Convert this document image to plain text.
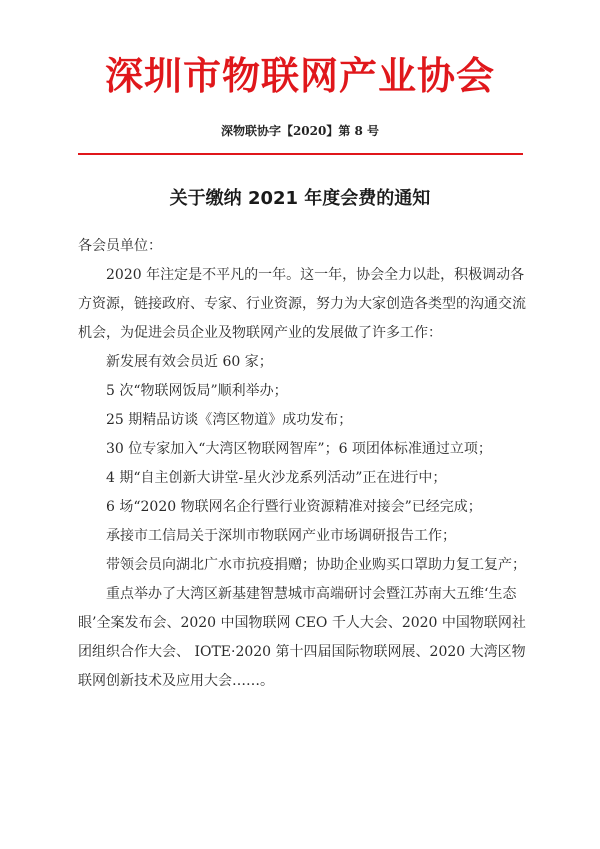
深圳市物联网产业协会
深物联协字【2020】第 8 号
关于缴纳 2021 年度会费的通知

各会员单位：

2020 年注定是不平凡的一年。这一年，协会全力以赴，积极调动各方资源，链接政府、专家、行业资源，努力为大家创造各类型的沟通交流机会，为促进会员企业及物联网产业的发展做了许多工作：

新发展有效会员近 60 家；
5 次“物联网饭局”顺利举办；
25 期精品访谈《湾区物道》成功发布；
30 位专家加入“大湾区物联网智库”；6 项团体标准通过立项；
4 期“自主创新大讲堂-星火沙龙系列活动”正在进行中；
6 场“2020 物联网名企行暨行业资源精准对接会”已经完成；
承接市工信局关于深圳市物联网产业市场调研报告工作；
带领会员向湖北广水市抗疫捐赠；协助企业购买口罩助力复工复产；

重点举办了大湾区新基建智慧城市高端研讨会暨江苏南大五维‘生态眼’全案发布会、2020 中国物联网 CEO 千人大会、2020 中国物联网社团组织合作大会、 IOTE·2020 第十四届国际物联网展、2020 大湾区物联网创新技术及应用大会……。
